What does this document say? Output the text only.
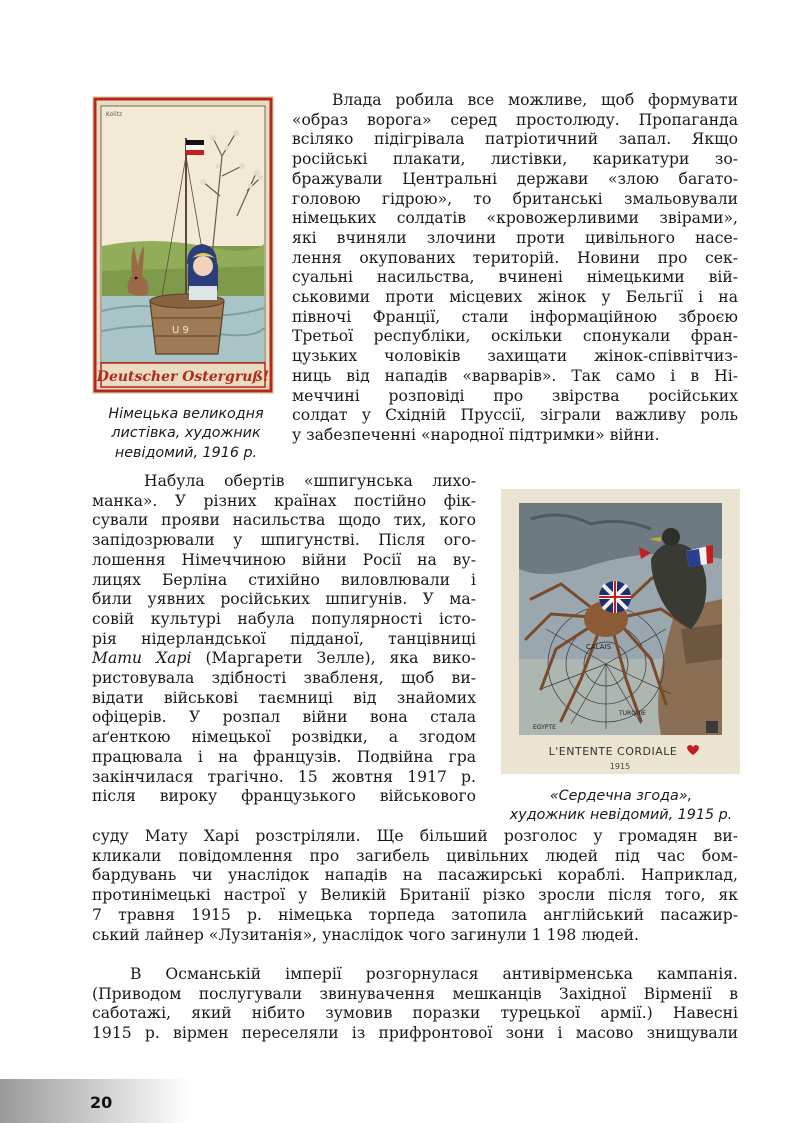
U 9
Kolitz
Deutscher Ostergruß!
Німецька великодня
листівка, художник
невідомий, 1916 р.
Влада робила все можливе, щоб формувати
«образ ворога» серед простолюду. Пропаганда
всіляко підігрівала патріотичний запал. Якщо
російські плакати, листівки, карикатури зо-
бражували Центральні держави «злою багато-
головою гідрою», то британські змальовували
німецьких солдатів «кровожерливими звірами»,
які вчиняли злочини проти цивільного насе-
лення окупованих територій. Новини про сек-
суальні насильства, вчинені німецькими вій-
ськовими проти місцевих жінок у Бельгії і на
півночі Франції, стали інформаційною зброєю
Третьої республіки, оскільки спонукали фран-
цузьких чоловіків захищати жінок-співвітчиз-
ниць від нападів «варварів». Так само і в Ні-
меччині розповіді про звірства російських
солдат у Східній Пруссії, зіграли важливу роль
у забезпеченні «народної підтримки» війни.
Набула обертів «шпигунська лихо-
манка». У різних країнах постійно фік-
сували прояви насильства щодо тих, кого
запідозрювали у шпигунстві. Після ого-
лошення Німеччиною війни Росії на ву-
лицях Берліна стихійно виловлювали і
били уявних російських шпигунів. У ма-
совій культурі набула популярності істо-
рія нідерландської підданої, танцівниці
Мати Харі (Маргарети Зелле), яка вико-
ристовувала здібності звабленя, щоб ви-
відати військові таємниці від знайомих
офіцерів. У розпал війни вона стала
аґенткою німецької розвідки, а згодом
працювала і на французів. Подвійна гра
закінчилася трагічно. 15 жовтня 1917 р.
після вироку французького військового
CALAIS
TURQUIE
EGYPTE
L'ENTENTE CORDIALE
1915
«Сердечна згода»,
художник невідомий, 1915 р.
суду Мату Харі розстріляли. Ще більший розголос у громадян ви-
кликали повідомлення про загибель цивільних людей під час бом-
бардувань чи унаслідок нападів на пасажирські кораблі. Наприклад,
протинімецькі настрої у Великій Британії різко зросли після того, як
7 травня 1915 р. німецька торпеда затопила англійський пасажир-
ський лайнер «Лузитанія», унаслідок чого загинули 1 198 людей.
В Османській імперії розгорнулася антивірменська кампанія.
(Приводом послугували звинувачення мешканців Західної Вірменії в
саботажі, який нібито зумовив поразки турецької армії.) Навесні
1915 р. вірмен переселяли із прифронтової зони і масово знищували
20
